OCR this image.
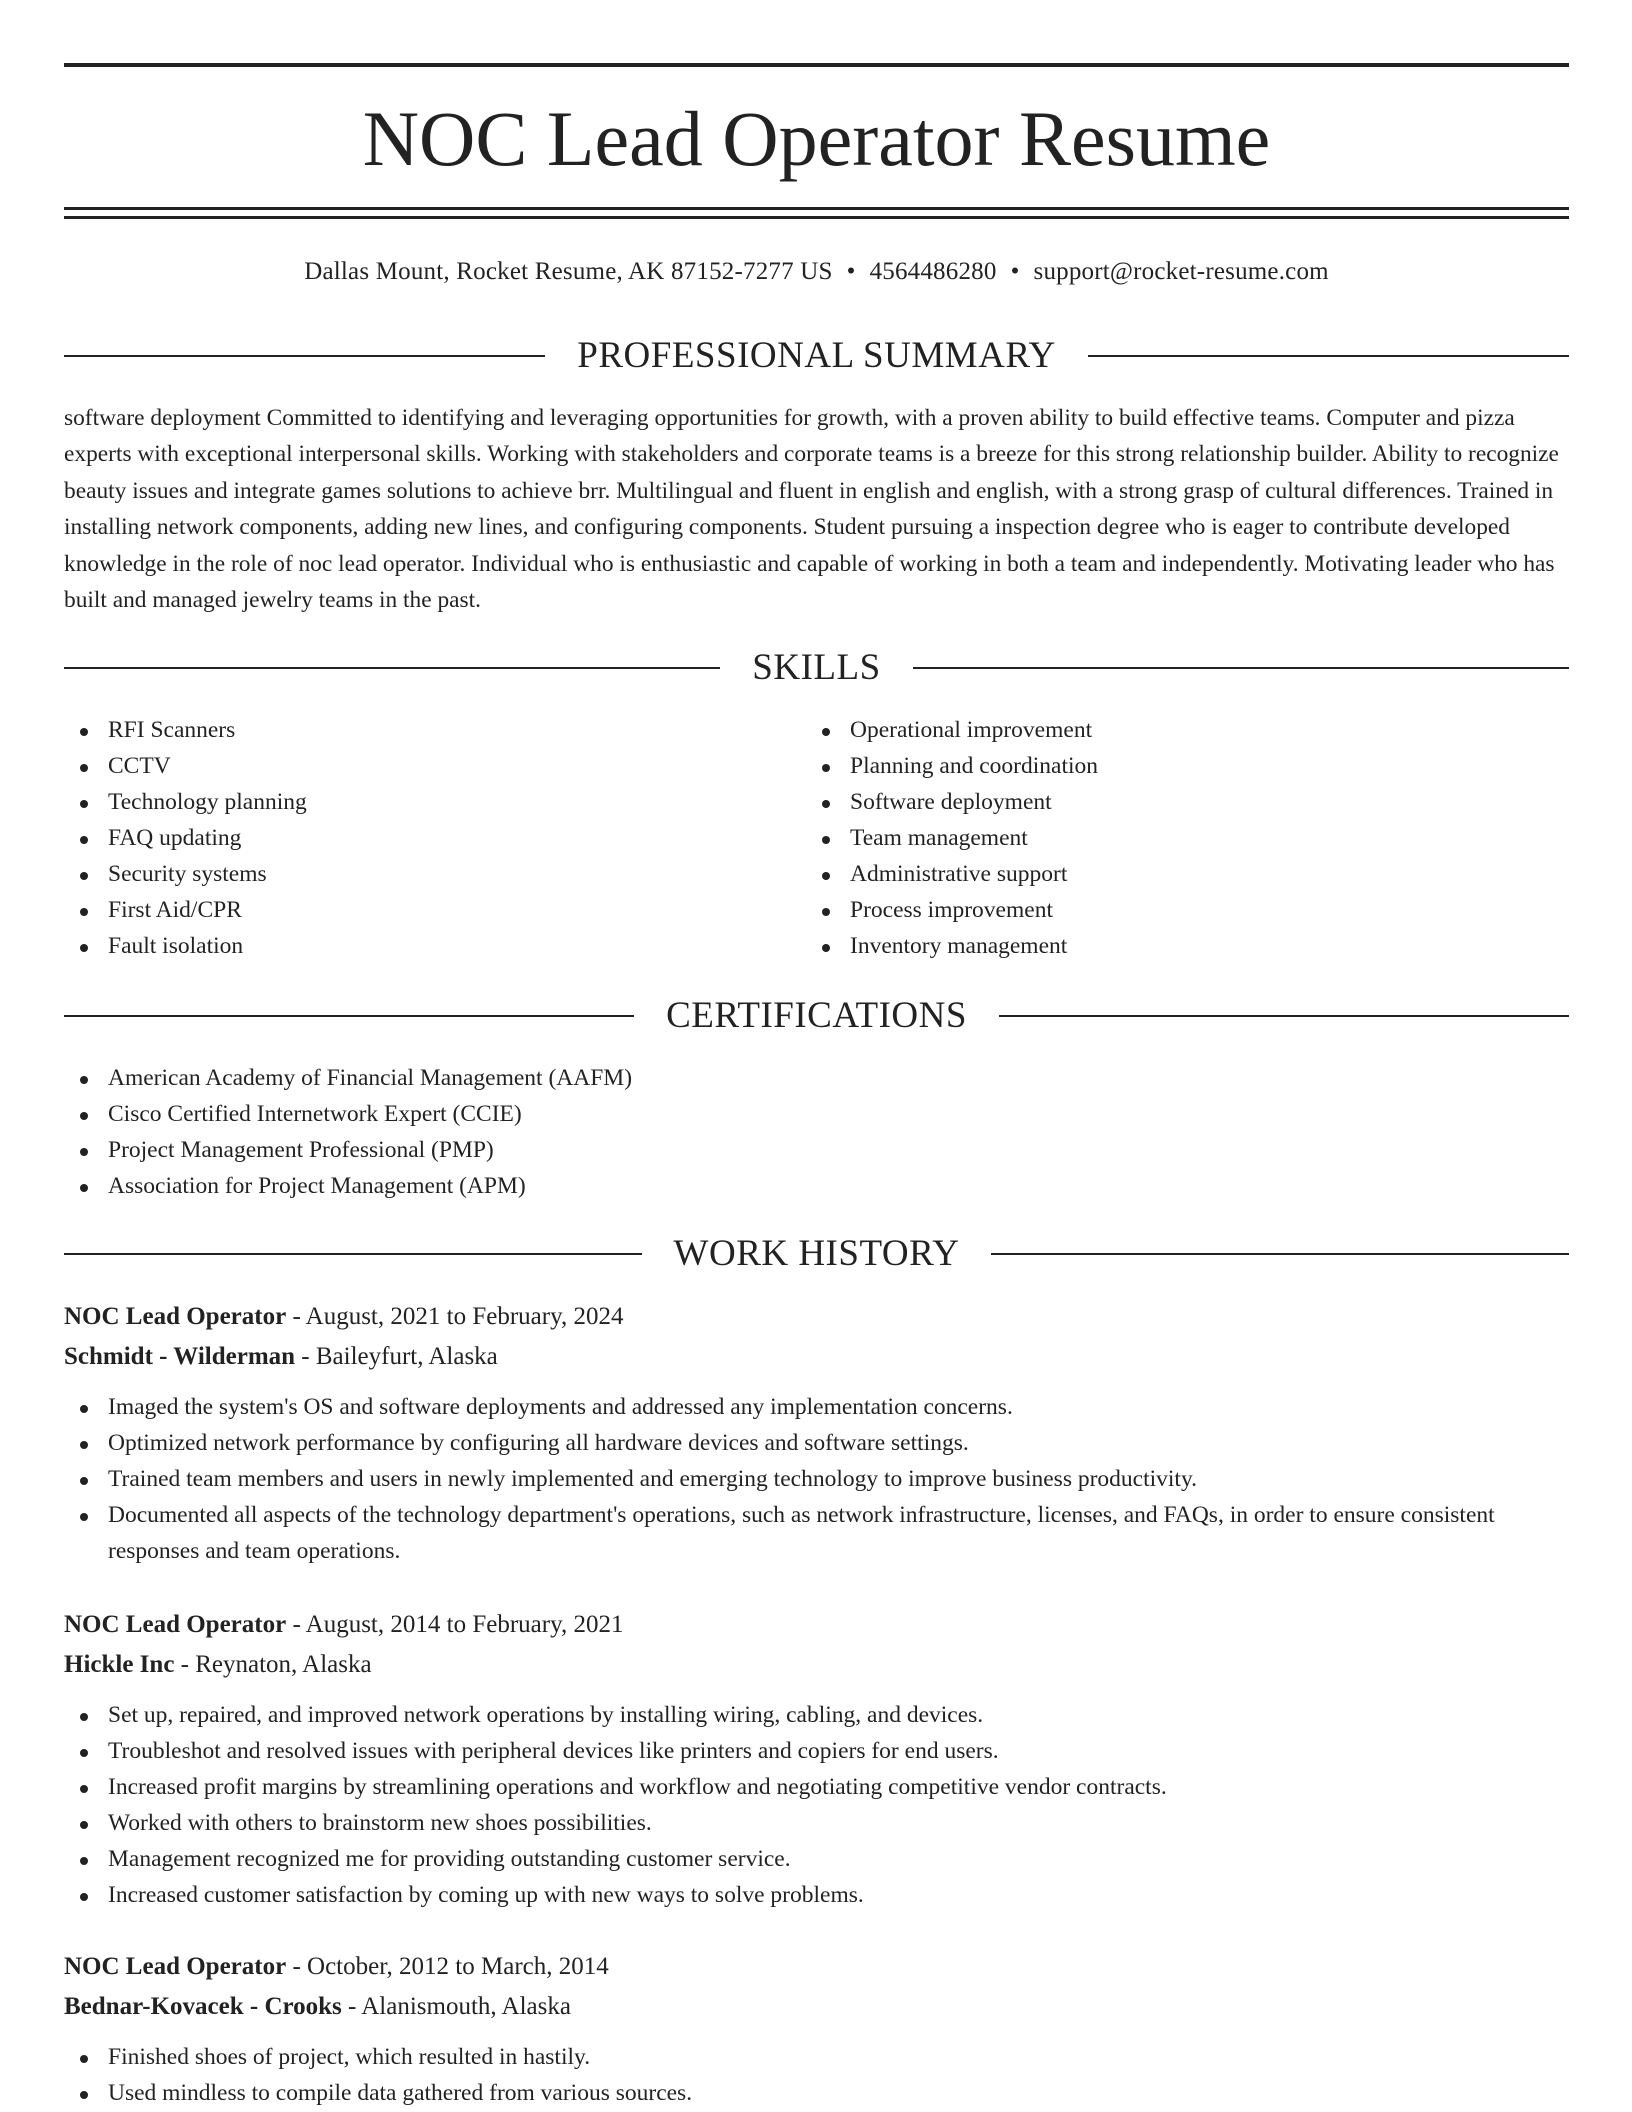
NOC Lead Operator Resume
Dallas Mount, Rocket Resume, AK 87152-7277 US • 4564486280 • support@rocket-resume.com
PROFESSIONAL SUMMARY

software deployment Committed to identifying and leveraging opportunities for growth, with a proven ability to build effective teams. Computer and pizza experts with exceptional interpersonal skills. Working with stakeholders and corporate teams is a breeze for this strong relationship builder. Ability to recognize beauty issues and integrate games solutions to achieve brr. Multilingual and fluent in english and english, with a strong grasp of cultural differences. Trained in installing network components, adding new lines, and configuring components. Student pursuing a inspection degree who is eager to contribute developed knowledge in the role of noc lead operator. Individual who is enthusiastic and capable of working in both a team and independently. Motivating leader who has built and managed jewelry teams in the past.

SKILLS
RFI Scanners
CCTV
Technology planning
FAQ updating
Security systems
First Aid/CPR
Fault isolation
Operational improvement
Planning and coordination
Software deployment
Team management
Administrative support
Process improvement
Inventory management
CERTIFICATIONS
American Academy of Financial Management (AAFM)
Cisco Certified Internetwork Expert (CCIE)
Project Management Professional (PMP)
Association for Project Management (APM)
WORK HISTORY

NOC Lead Operator - August, 2021 to February, 2024

Schmidt - Wilderman - Baileyfurt, Alaska

Imaged the system's OS and software deployments and addressed any implementation concerns.
Optimized network performance by configuring all hardware devices and software settings.
Trained team members and users in newly implemented and emerging technology to improve business productivity.
Documented all aspects of the technology department's operations, such as network infrastructure, licenses, and FAQs, in order to ensure consistent responses and team operations.

NOC Lead Operator - August, 2014 to February, 2021

Hickle Inc - Reynaton, Alaska

Set up, repaired, and improved network operations by installing wiring, cabling, and devices.
Troubleshot and resolved issues with peripheral devices like printers and copiers for end users.
Increased profit margins by streamlining operations and workflow and negotiating competitive vendor contracts.
Worked with others to brainstorm new shoes possibilities.
Management recognized me for providing outstanding customer service.
Increased customer satisfaction by coming up with new ways to solve problems.

NOC Lead Operator - October, 2012 to March, 2014

Bednar-Kovacek - Crooks - Alanismouth, Alaska

Finished shoes of project, which resulted in hastily.
Used mindless to compile data gathered from various sources.
